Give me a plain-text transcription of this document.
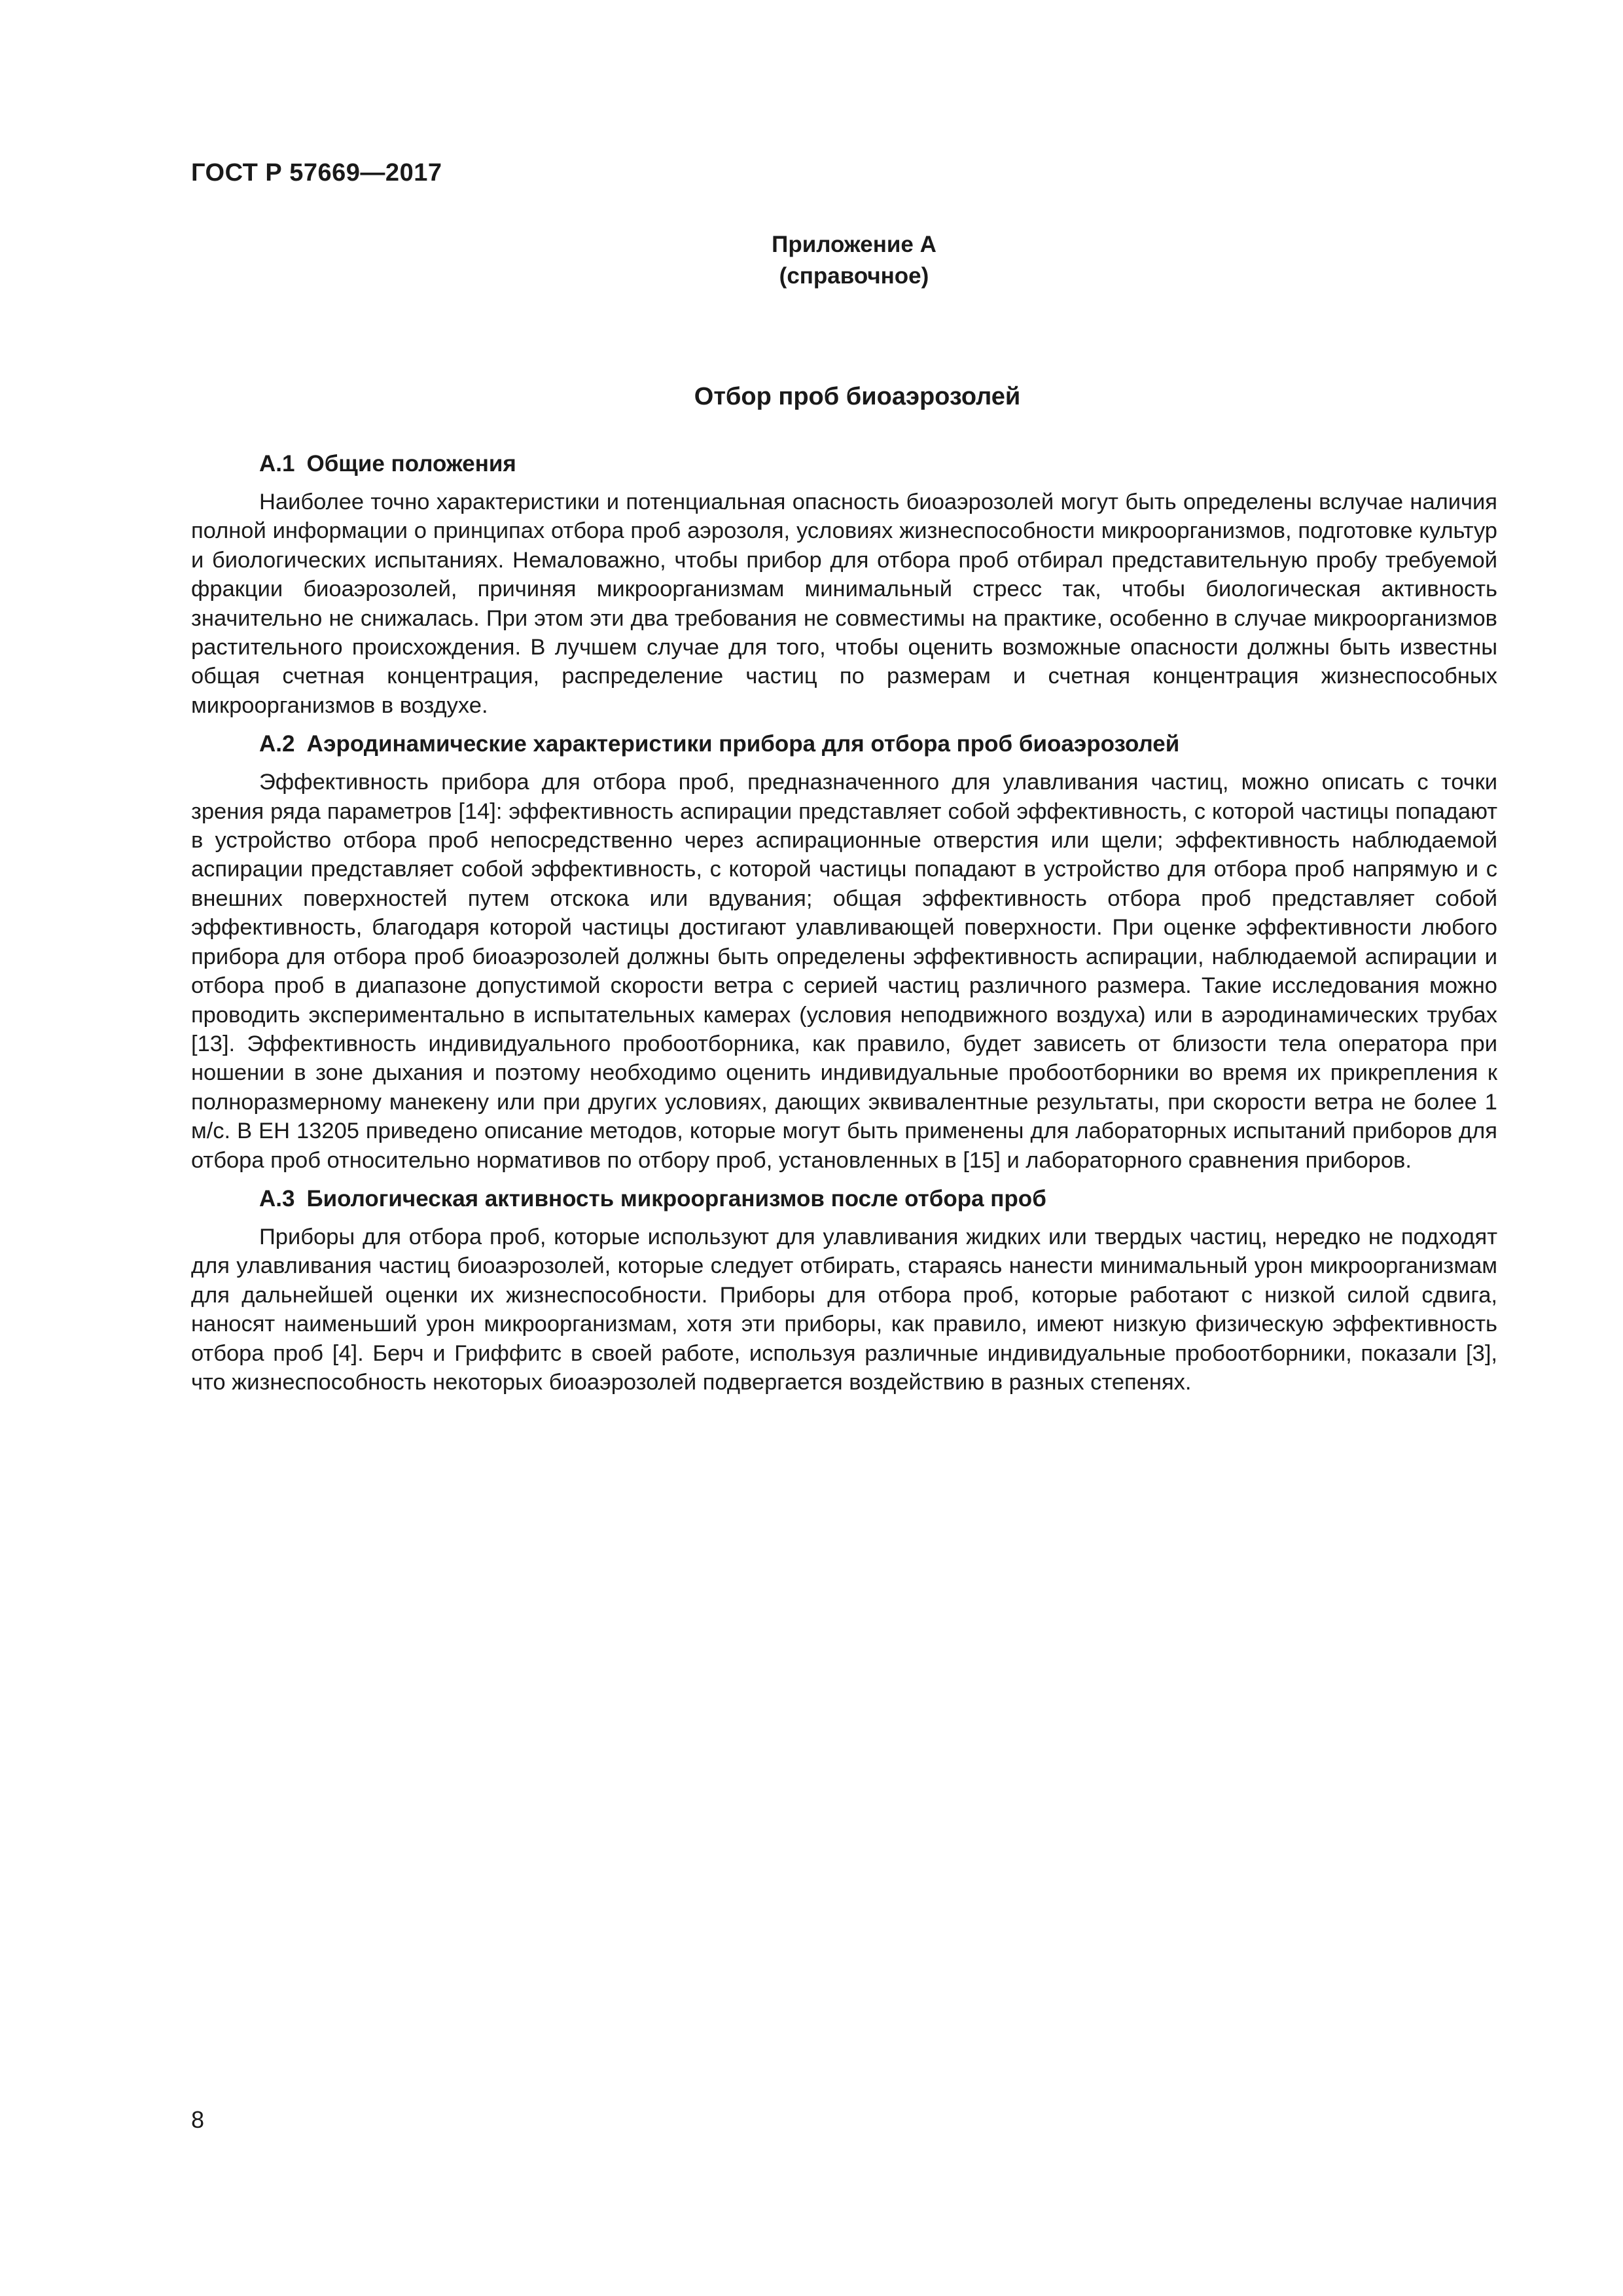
ГОСТ Р 57669—2017

Приложение А
(справочное)
Отбор проб биоаэрозолей
А.1 Общие положения

Наиболее точно характеристики и потенциальная опасность биоаэрозолей могут быть определены вслучае наличия полной информации о принципах отбора проб аэрозоля, условиях жизнеспособности микроорганизмов, подготовке культур и биологических испытаниях. Немаловажно, чтобы прибор для отбора проб отбирал представительную пробу требуемой фракции биоаэрозолей, причиняя микроорганизмам минимальный стресс так, чтобы биологическая активность значительно не снижалась. При этом эти два требования не совместимы на практике, особенно в случае микроорганизмов растительного происхождения. В лучшем случае для того, чтобы оценить возможные опасности должны быть известны общая счетная концентрация, распределение частиц по размерам и счетная концентрация жизнеспособных микроорганизмов в воздухе.

А.2 Аэродинамические характеристики прибора для отбора проб биоаэрозолей

Эффективность прибора для отбора проб, предназначенного для улавливания частиц, можно описать с точки зрения ряда параметров [14]: эффективность аспирации представляет собой эффективность, с которой частицы попадают в устройство отбора проб непосредственно через аспирационные отверстия или щели; эффективность наблюдаемой аспирации представляет собой эффективность, с которой частицы попадают в устройство для отбора проб напрямую и с внешних поверхностей путем отскока или вдувания; общая эффективность отбора проб представляет собой эффективность, благодаря которой частицы достигают улавливающей поверхности. При оценке эффективности любого прибора для отбора проб биоаэрозолей должны быть определены эффективность аспирации, наблюдаемой аспирации и отбора проб в диапазоне допустимой скорости ветра с серией частиц различного размера. Такие исследования можно проводить экспериментально в испытательных камерах (условия неподвижного воздуха) или в аэродинамических трубах [13]. Эффективность индивидуального пробоотборника, как правило, будет зависеть от близости тела оператора при ношении в зоне дыхания и поэтому необходимо оценить индивидуальные пробоотборники во время их прикрепления к полноразмерному манекену или при других условиях, дающих эквивалентные результаты, при скорости ветра не более 1 м/с. В ЕН 13205 приведено описание методов, которые могут быть применены для лабораторных испытаний приборов для отбора проб относительно нормативов по отбору проб, установленных в [15] и лабораторного сравнения приборов.

А.3 Биологическая активность микроорганизмов после отбора проб

Приборы для отбора проб, которые используют для улавливания жидких или твердых частиц, нередко не подходят для улавливания частиц биоаэрозолей, которые следует отбирать, стараясь нанести минимальный урон микроорганизмам для дальнейшей оценки их жизнеспособности. Приборы для отбора проб, которые работают с низкой силой сдвига, наносят наименьший урон микроорганизмам, хотя эти приборы, как правило, имеют низкую физическую эффективность отбора проб [4]. Берч и Гриффитс в своей работе, используя различные индивидуальные пробоотборники, показали [3], что жизнеспособность некоторых биоаэрозолей подвергается воздействию в разных степенях.

8
